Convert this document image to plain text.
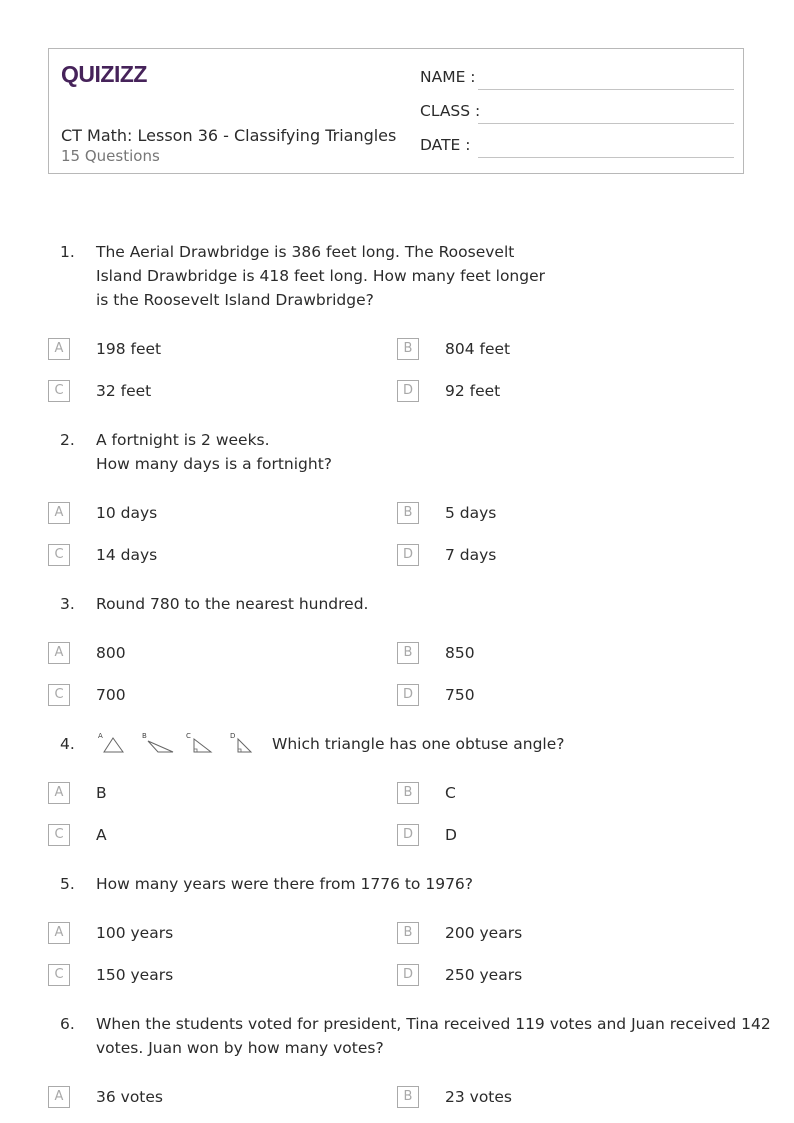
QUIZIZZ
CT Math: Lesson 36 - Classifying Triangles
15 Questions
NAME :
CLASS :
DATE :
1. The Aerial Drawbridge is 386 feet long. The Roosevelt
Island Drawbridge is 418 feet long. How many feet longer
is the Roosevelt Island Drawbridge?
A	198 feet	B	804 feet
C	32 feet	D	92 feet
2. A fortnight is 2 weeks.
How many days is a fortnight?
A	10 days	B	5 days
C	14 days	D	7 days
3. Round 780 to the nearest hundred.
A	800	B	850
C	700	D	750
4.	A	B	C	D Which triangle has one obtuse angle?
A	B	B	C
C	A	D	D
5. How many years were there from 1776 to 1976?
A	100 years	B	200 years
C	150 years	D	250 years
6. When the students voted for president, Tina received 119 votes and Juan received 142
votes. Juan won by how many votes?
A	36 votes	B	23 votes
